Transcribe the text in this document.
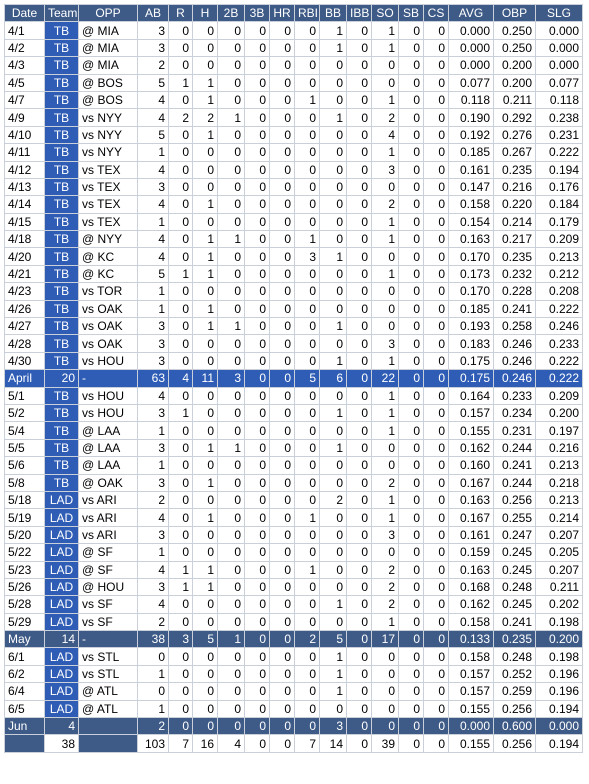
Date	Team	OPP	AB	R	H	2B	3B	HR	RBI	BB	IBB	SO	SB	CS	AVG	OBP	SLG
4/1	TB	@ MIA	3	0	0	0	0	0	0	1	0	1	0	0	0.000	0.250	0.000
4/2	TB	@ MIA	3	0	0	0	0	0	0	1	0	1	0	0	0.000	0.250	0.000
4/3	TB	@ MIA	2	0	0	0	0	0	0	0	0	0	0	0	0.000	0.200	0.000
4/5	TB	@ BOS	5	1	1	0	0	0	0	0	0	0	0	0	0.077	0.200	0.077
4/7	TB	@ BOS	4	0	1	0	0	0	1	0	0	1	0	0	0.118	0.211	0.118
4/9	TB	vs NYY	4	2	2	1	0	0	0	1	0	2	0	0	0.190	0.292	0.238
4/10	TB	vs NYY	5	0	1	0	0	0	0	0	0	4	0	0	0.192	0.276	0.231
4/11	TB	vs NYY	1	0	0	0	0	0	0	0	0	1	0	0	0.185	0.267	0.222
4/12	TB	vs TEX	4	0	0	0	0	0	0	0	0	3	0	0	0.161	0.235	0.194
4/13	TB	vs TEX	3	0	0	0	0	0	0	0	0	0	0	0	0.147	0.216	0.176
4/14	TB	vs TEX	4	0	1	0	0	0	0	0	0	2	0	0	0.158	0.220	0.184
4/15	TB	vs TEX	1	0	0	0	0	0	0	0	0	1	0	0	0.154	0.214	0.179
4/18	TB	@ NYY	4	0	1	1	0	0	1	0	0	1	0	0	0.163	0.217	0.209
4/20	TB	@ KC	4	0	1	0	0	0	3	1	0	0	0	0	0.170	0.235	0.213
4/21	TB	@ KC	5	1	1	0	0	0	0	0	0	1	0	0	0.173	0.232	0.212
4/23	TB	vs TOR	1	0	0	0	0	0	0	0	0	0	0	0	0.170	0.228	0.208
4/26	TB	vs OAK	1	0	1	0	0	0	0	0	0	0	0	0	0.185	0.241	0.222
4/27	TB	vs OAK	3	0	1	1	0	0	0	1	0	0	0	0	0.193	0.258	0.246
4/28	TB	vs OAK	3	0	0	0	0	0	0	0	0	3	0	0	0.183	0.246	0.233
4/30	TB	vs HOU	3	0	0	0	0	0	0	1	0	1	0	0	0.175	0.246	0.222
April	20	-	63	4	11	3	0	0	5	6	0	22	0	0	0.175	0.246	0.222
5/1	TB	vs HOU	4	0	0	0	0	0	0	0	0	1	0	0	0.164	0.233	0.209
5/2	TB	vs HOU	3	1	0	0	0	0	0	1	0	1	0	0	0.157	0.234	0.200
5/4	TB	@ LAA	1	0	0	0	0	0	0	0	0	1	0	0	0.155	0.231	0.197
5/5	TB	@ LAA	3	0	1	1	0	0	0	1	0	0	0	0	0.162	0.244	0.216
5/6	TB	@ LAA	1	0	0	0	0	0	0	0	0	0	0	0	0.160	0.241	0.213
5/8	TB	@ OAK	3	0	1	0	0	0	0	0	0	2	0	0	0.167	0.244	0.218
5/18	LAD	vs ARI	2	0	0	0	0	0	0	2	0	1	0	0	0.163	0.256	0.213
5/19	LAD	vs ARI	4	0	1	0	0	0	1	0	0	1	0	0	0.167	0.255	0.214
5/20	LAD	vs ARI	3	0	0	0	0	0	0	0	0	3	0	0	0.161	0.247	0.207
5/22	LAD	@ SF	1	0	0	0	0	0	0	0	0	0	0	0	0.159	0.245	0.205
5/23	LAD	@ SF	4	1	1	0	0	0	1	0	0	2	0	0	0.163	0.245	0.207
5/26	LAD	@ HOU	3	1	1	0	0	0	0	0	0	2	0	0	0.168	0.248	0.211
5/28	LAD	vs SF	4	0	0	0	0	0	0	1	0	2	0	0	0.162	0.245	0.202
5/29	LAD	vs SF	2	0	0	0	0	0	0	0	0	1	0	0	0.158	0.241	0.198
May	14	-	38	3	5	1	0	0	2	5	0	17	0	0	0.133	0.235	0.200
6/1	LAD	vs STL	0	0	0	0	0	0	0	1	0	0	0	0	0.158	0.248	0.198
6/2	LAD	vs STL	1	0	0	0	0	0	0	1	0	0	0	0	0.157	0.252	0.196
6/4	LAD	@ ATL	0	0	0	0	0	0	0	1	0	0	0	0	0.157	0.259	0.196
6/5	LAD	@ ATL	1	0	0	0	0	0	0	0	0	0	0	0	0.155	0.256	0.194
Jun	4		2	0	0	0	0	0	0	3	0	0	0	0	0.000	0.600	0.000
	38		103	7	16	4	0	0	7	14	0	39	0	0	0.155	0.256	0.194
